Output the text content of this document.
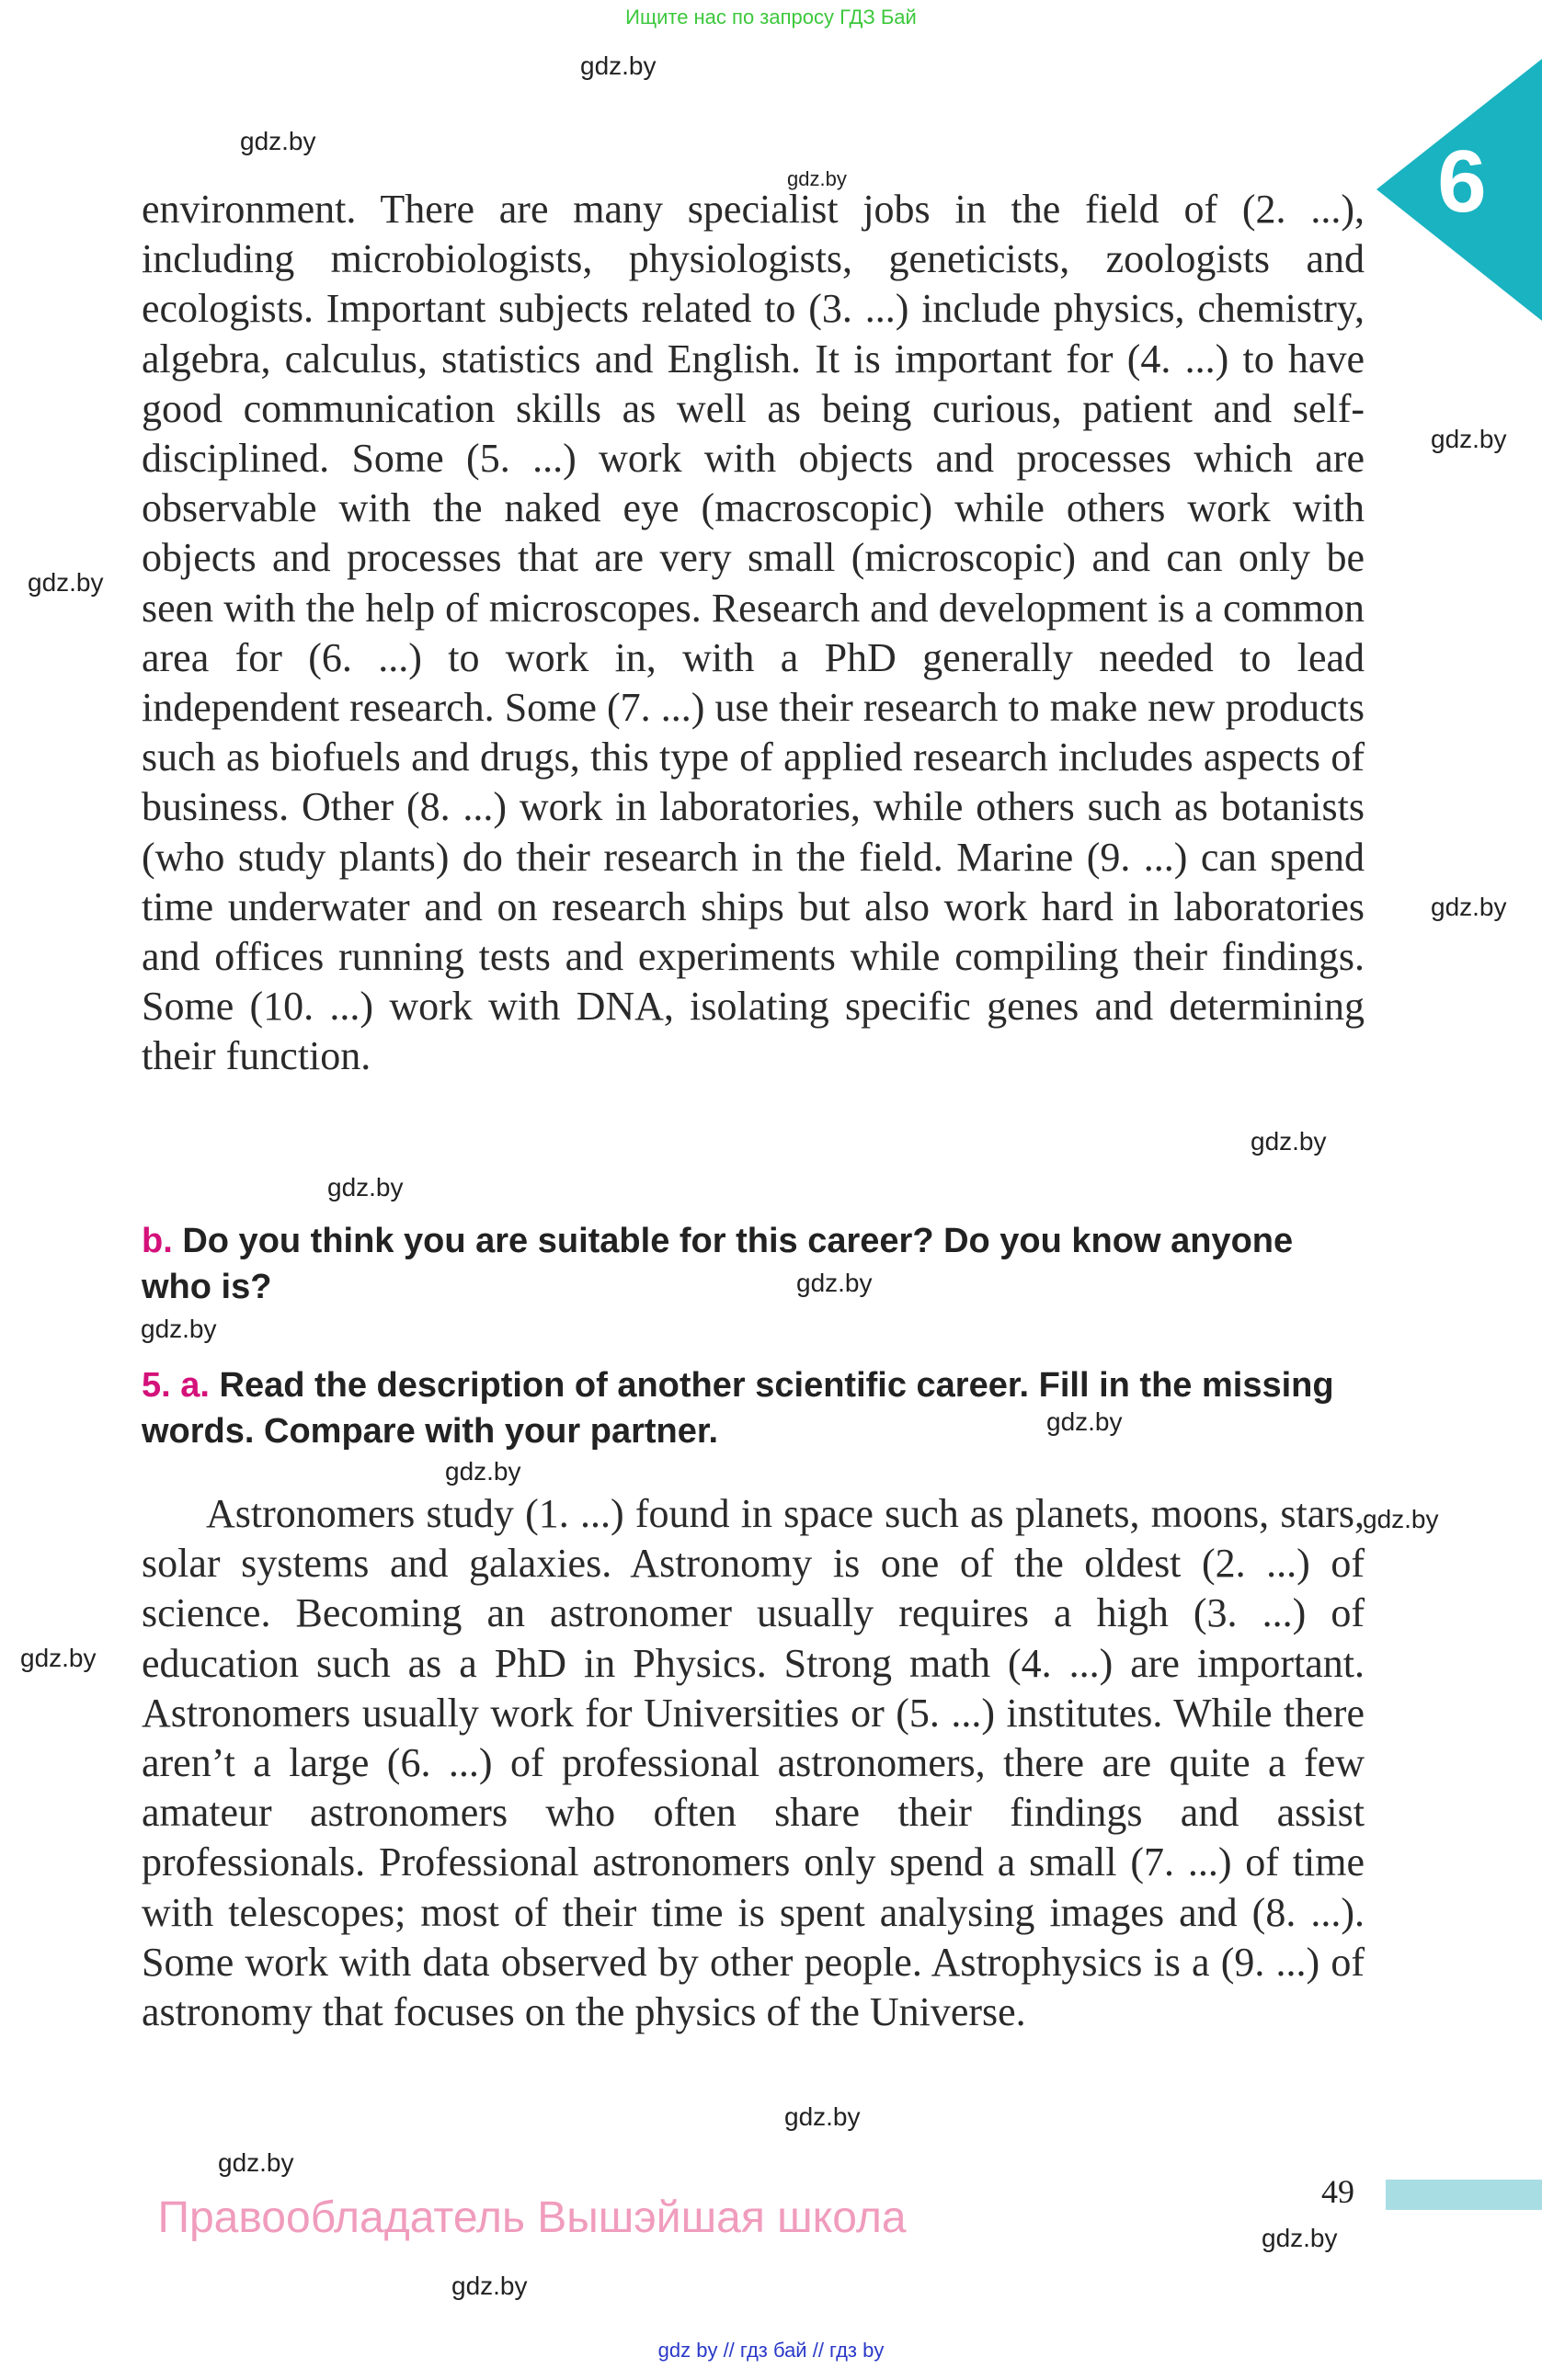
Ищите нас по запросу ГДЗ Бай
6
gdz.by
gdz.by
gdz.by
gdz.by
gdz.by
gdz.by
gdz.by
gdz.by
gdz.by
gdz.by
gdz.by
gdz.by
gdz.by
gdz.by
gdz.by
gdz.by
gdz.by
gdz.by
environment. There are many specialist jobs in the field of (2. ...), including microbiologists, physiologists, geneticists, zoologists and ecologists. Important subjects related to (3. ...) include physics, chemistry, algebra, calculus, statistics and English. It is important for (4. ...) to have good communication skills as well as being curious, patient and self-disciplined. Some (5. ...) work with objects and processes which are observable with the naked eye (macroscopic) while others work with objects and processes that are very small (microscopic) and can only be seen with the help of microscopes. Research and development is a common area for (6. ...) to work in, with a PhD generally needed to lead independent research. Some (7. ...) use their research to make new products such as biofuels and drugs, this type of applied research includes aspects of business. Other (8. ...) work in laboratories, while others such as botanists (who study plants) do their research in the field. Marine (9. ...) can spend time underwater and on research ships but also work hard in laboratories and offices running tests and experiments while compiling their findings. Some (10. ...) work with DNA, isolating specific genes and determining their function.
b. Do you think you are suitable for this career? Do you know anyone who is?
5. a. Read the description of another scientific career. Fill in the missing words. Compare with your partner.
Astronomers study (1. ...) found in space such as planets, moons, stars, solar systems and galaxies. Astronomy is one of the oldest (2. ...) of science. Becoming an astronomer usually requires a high (3. ...) of education such as a PhD in Physics. Strong math (4. ...) are important. Astronomers usually work for Universities or (5. ...) institutes. While there aren’t a large (6. ...) of professional astronomers, there are quite a few amateur astronomers who often share their findings and assist professionals. Professional astronomers only spend a small (7. ...) of time with telescopes; most of their time is spent analysing images and (8. ...). Some work with data observed by other people. Astrophysics is a (9. ...) of astronomy that focuses on the physics of the Universe.
49
Правообладатель Вышэйшая школа
gdz by // гдз бай // гдз by
